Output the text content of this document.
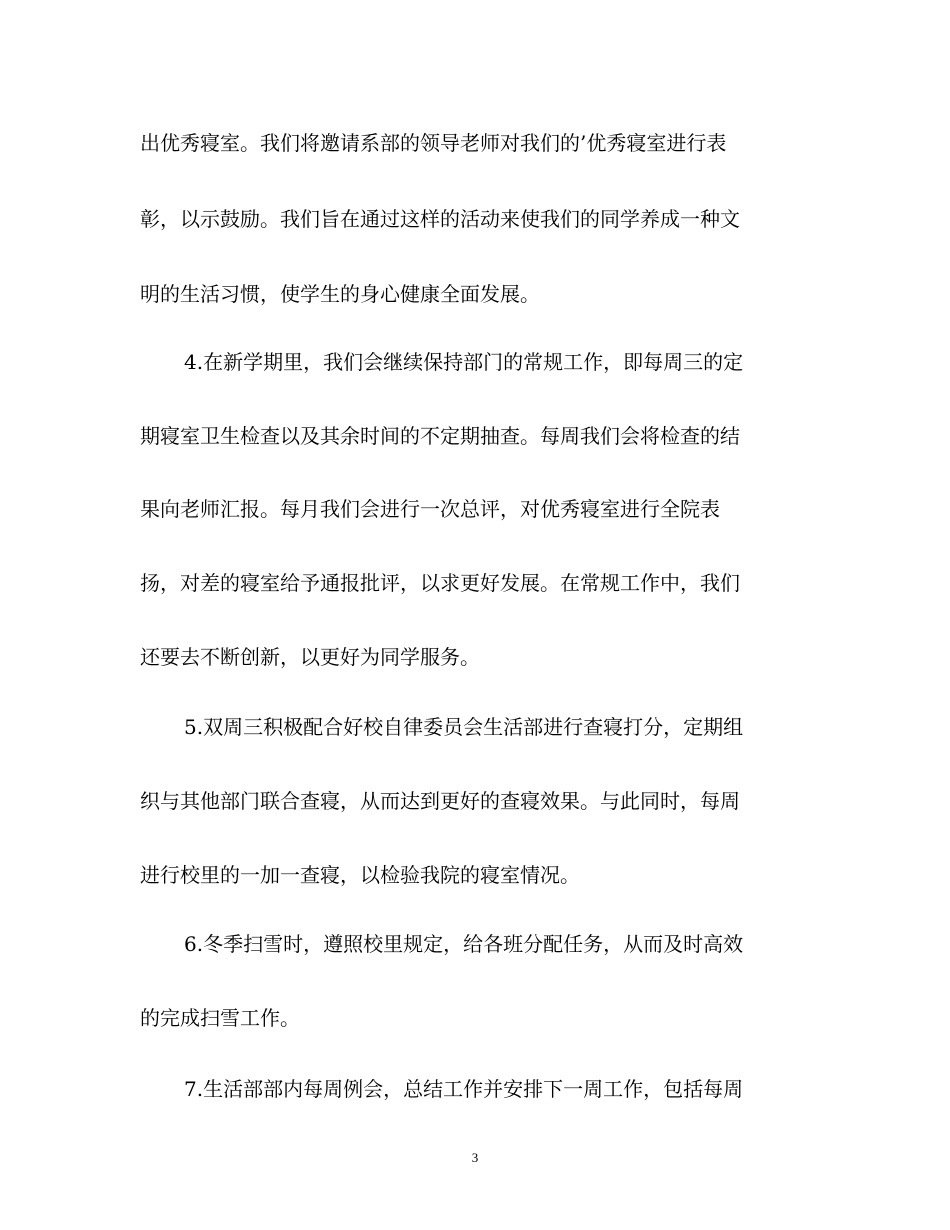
出优秀寝室。我们将邀请系部的领导老师对我们的’优秀寝室进行表
彰，以示鼓励。我们旨在通过这样的活动来使我们的同学养成一种文
明的生活习惯，使学生的身心健康全面发展。
4.在新学期里，我们会继续保持部门的常规工作，即每周三的定
期寝室卫生检查以及其余时间的不定期抽查。每周我们会将检查的结
果向老师汇报。每月我们会进行一次总评，对优秀寝室进行全院表
扬，对差的寝室给予通报批评，以求更好发展。在常规工作中，我们
还要去不断创新，以更好为同学服务。
5.双周三积极配合好校自律委员会生活部进行查寝打分，定期组
织与其他部门联合查寝，从而达到更好的查寝效果。与此同时，每周
进行校里的一加一查寝，以检验我院的寝室情况。
6.冬季扫雪时，遵照校里规定，给各班分配任务，从而及时高效
的完成扫雪工作。
7.生活部部内每周例会，总结工作并安排下一周工作，包括每周
3
